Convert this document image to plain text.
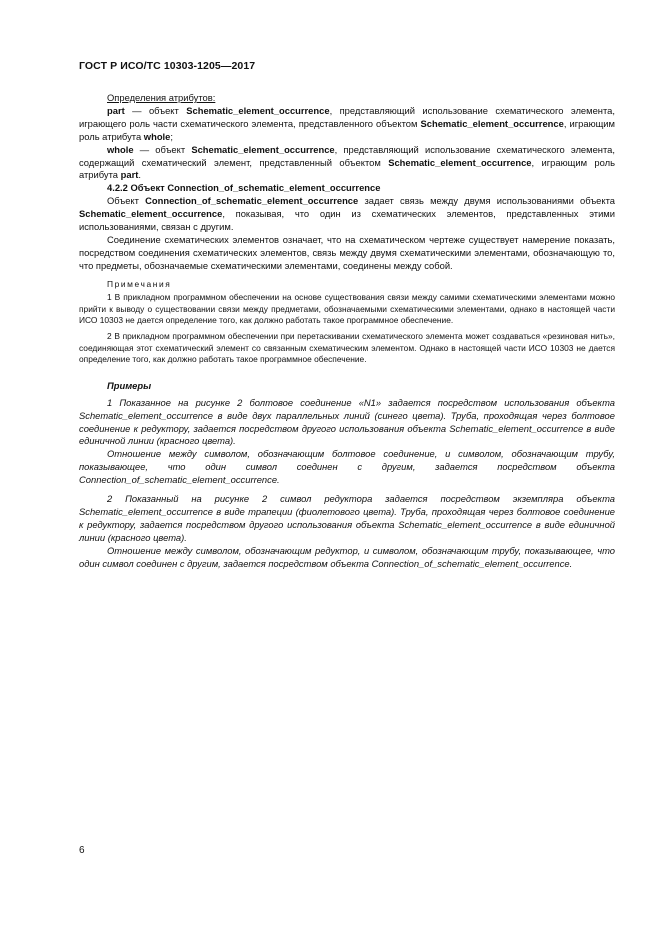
ГОСТ Р ИСО/ТС 10303-1205—2017

Определения атрибутов:

part — объект Schematic_element_occurrence, представляющий использование схематического элемента, играющего роль части схематического элемента, представленного объектом Schematic_element_occurrence, играющим роль атрибута whole;

whole — объект Schematic_element_occurrence, представляющий использование схематического элемента, содержащий схематический элемент, представленный объектом Schematic_element_occurrence, играющим роль атрибута part.

4.2.2 Объект Connection_of_schematic_element_occurrence

Объект Connection_of_schematic_element_occurrence задает связь между двумя использованиями объекта Schematic_element_occurrence, показывая, что один из схематических элементов, представленных этими использованиями, связан с другим.

Соединение схематических элементов означает, что на схематическом чертеже существует намерение показать, посредством соединения схематических элементов, связь между двумя схематическими элементами, обозначающую то, что предметы, обозначаемые схематическими элементами, соединены между собой.

Примечания

1 В прикладном программном обеспечении на основе существования связи между самими схематическими элементами можно прийти к выводу о существовании связи между предметами, обозначаемыми схематическими элементами, однако в настоящей части ИСО 10303 не дается определение того, как должно работать такое программное обеспечение.

2 В прикладном программном обеспечении при перетаскивании схематического элемента может создаваться «резиновая нить», соединяющая этот схематический элемент со связанным схематическим элементом. Однако в настоящей части ИСО 10303 не дается определение того, как должно работать такое программное обеспечение.

Примеры

1 Показанное на рисунке 2 болтовое соединение «N1» задается посредством использования объекта Schematic_element_occurrence в виде двух параллельных линий (синего цвета). Труба, проходящая через болтовое соединение к редуктору, задается посредством другого использования объекта Schematic_element_occurrence в виде единичной линии (красного цвета).

Отношение между символом, обозначающим болтовое соединение, и символом, обозначающим трубу, показывающее, что один символ соединен с другим, задается посредством объекта Connection_of_schematic_element_occurrence.

2 Показанный на рисунке 2 символ редуктора задается посредством экземпляра объекта Schematic_element_occurrence в виде трапеции (фиолетового цвета). Труба, проходящая через болтовое соединение к редуктору, задается посредством другого использования объекта Schematic_element_occurrence в виде единичной линии (красного цвета).

Отношение между символом, обозначающим редуктор, и символом, обозначающим трубу, показывающее, что один символ соединен с другим, задается посредством объекта Connection_of_schematic_element_occurrence.

6
